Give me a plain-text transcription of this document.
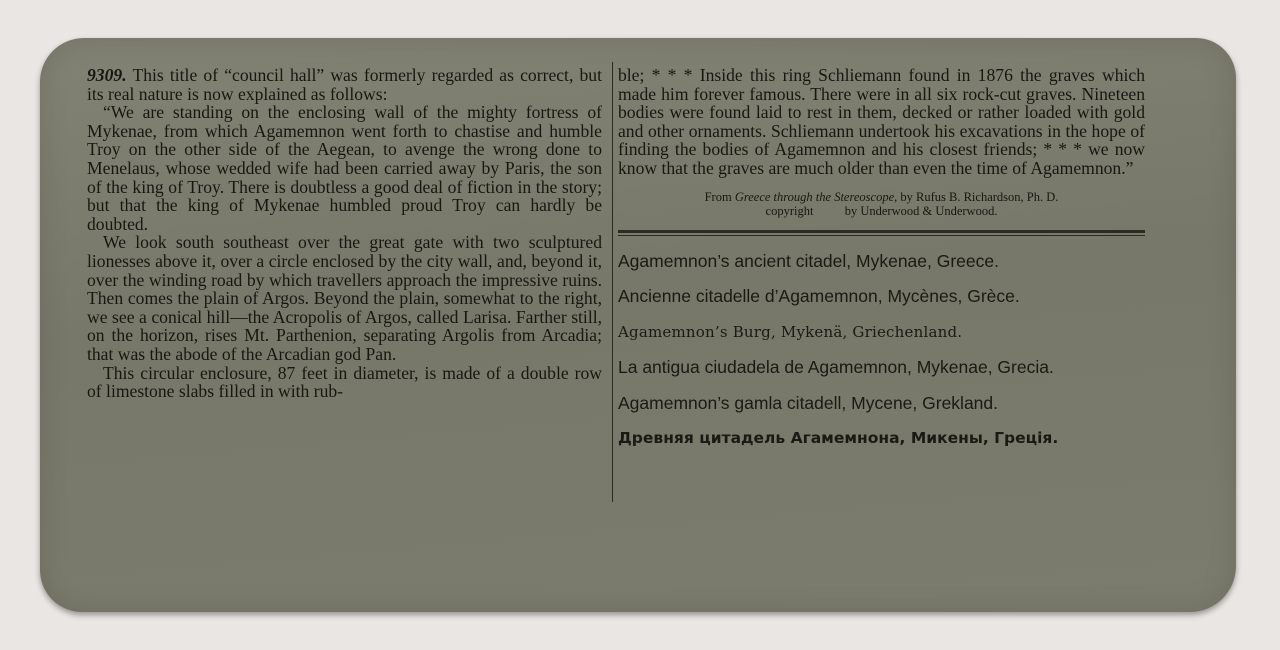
9309. This title of “council hall” was formerly regarded as correct, but its real nature is now explained as follows:

“We are standing on the enclosing wall of the mighty fortress of Mykenae, from which Agamemnon went forth to chastise and humble Troy on the other side of the Aegean, to avenge the wrong done to Menelaus, whose wedded wife had been carried away by Paris, the son of the king of Troy. There is doubtless a good deal of fiction in the story; but that the king of Mykenae humbled proud Troy can hardly be doubted.

We look south southeast over the great gate with two sculptured lionesses above it, over a circle enclosed by the city wall, and, beyond it, over the winding road by which travellers approach the impressive ruins. Then comes the plain of Argos. Beyond the plain, somewhat to the right, we see a conical hill—the Acropolis of Argos, called Larisa. Farther still, on the horizon, rises Mt. Parthenion, separating Argolis from Arcadia; that was the abode of the Arcadian god Pan.

This circular enclosure, 87 feet in diameter, is made of a double row of limestone slabs filled in with rub-

ble; * * * Inside this ring Schliemann found in 1876 the graves which made him forever famous. There were in all six rock-cut graves. Nineteen bodies were found laid to rest in them, decked or rather loaded with gold and other ornaments. Schliemann undertook his excavations in the hope of finding the bodies of Agamemnon and his closest friends; * * * we now know that the graves are much older than even the time of Agamemnon.”

From Greece through the Stereoscope, by Rufus B. Richardson, Ph. D.
copyright	by Underwood & Underwood.

Agamemnon’s ancient citadel, Mykenae, Greece.
Ancienne citadelle d’Agamemnon, Mycènes, Grèce.
Agamemnon’s Burg, Mykenä, Griechenland.
La antigua ciudadela de Agamemnon, Mykenae, Grecia.
Agamemnon’s gamla citadell, Mycene, Grekland.
Древняя цитадель Агамемнона, Микены, Грецiя.
